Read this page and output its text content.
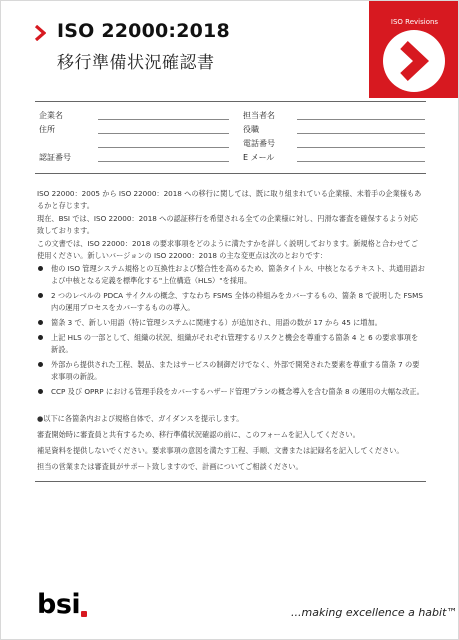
ISO 22000:2018
移行準備状況確認書
ISO Revisions
企業名
住所
認証番号
担当者名
役職
電話番号
E メール

ISO 22000：2005 から ISO 22000：2018 への移行に関しては、既に取り組まれている企業様、未着手の企業様もあるかと存じます。

現在、BSI では、ISO 22000：2018 への認証移行を希望される全ての企業様に対し、円滑な審査を確保するよう対応致しております。

この文書では、ISO 22000：2018 の要求事項をどのように満たすかを詳しく説明しております。新規格と合わせてご使用ください。新しいバージョンの ISO 22000：2018 の主な変更点は次のとおりです：

他の ISO 管理システム規格との互換性および整合性を高めるため、箇条タイトル、中核となるテキスト、共通用語および中核となる定義を標準化する"上位構造（HLS）"を採用。
2 つのレベルの PDCA サイクルの概念、すなわち FSMS 全体の枠組みをカバーするもの、箇条 8 で説明した FSMS 内の運用プロセスをカバーするものの導入。
箇条 3 で、新しい用語（特に管理システムに関連する）が追加され、用語の数が 17 から 45 に増加。
上記 HLS の一部として、組織の状況、組織がそれぞれ管理するリスクと機会を尊重する箇条 4 と 6 の要求事項を新設。
外部から提供された工程、製品、またはサービスの制御だけでなく、外部で開発された要素を尊重する箇条 7 の要求事項の新設。
CCP 及び OPRP における管理手段をカバーするハザード管理プランの概念導入を含む箇条 8 の運用の大幅な改正。

●以下に各箇条内および規格自体で、ガイダンスを提示します。

審査開始時に審査員と共有するため、移行準備状況確認の前に、このフォームを記入してください。

補足資料を提供しないでください。要求事項の意図を満たす工程、手順、文書または記録名を記入してください。

担当の営業または審査員がサポート致しますので、計画についてご相談ください。

bsi	...making excellence a habit™
